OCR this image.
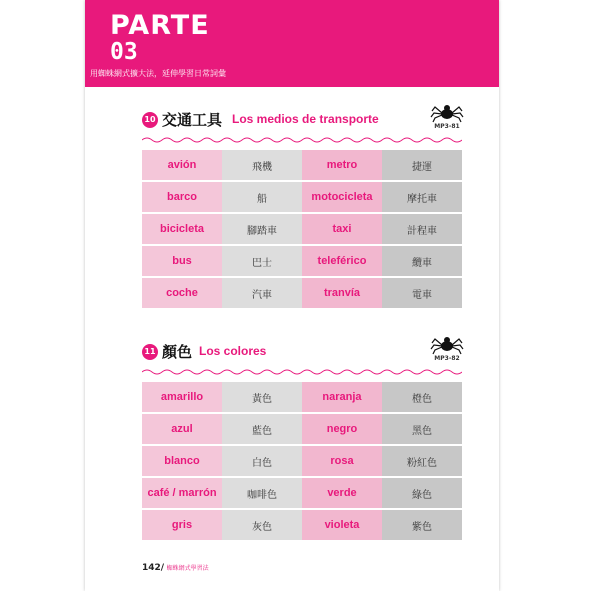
PARTE
03
用蜘蛛網式擴大法，延伸學習日常詞彙
10 交通工具 Los medios de transporte
MP3-81
avión	飛機	metro	捷運
barco	船	motocicleta	摩托車
bicicleta	腳踏車	taxi	計程車
bus	巴士	teleférico	纜車
coche	汽車	tranvía	電車
11 顏色 Los colores
MP3-82
amarillo	黃色	naranja	橙色
azul	藍色	negro	黑色
blanco	白色	rosa	粉紅色
café / marrón	咖啡色	verde	綠色
gris	灰色	violeta	紫色
142/ 蜘蛛網式學習法
